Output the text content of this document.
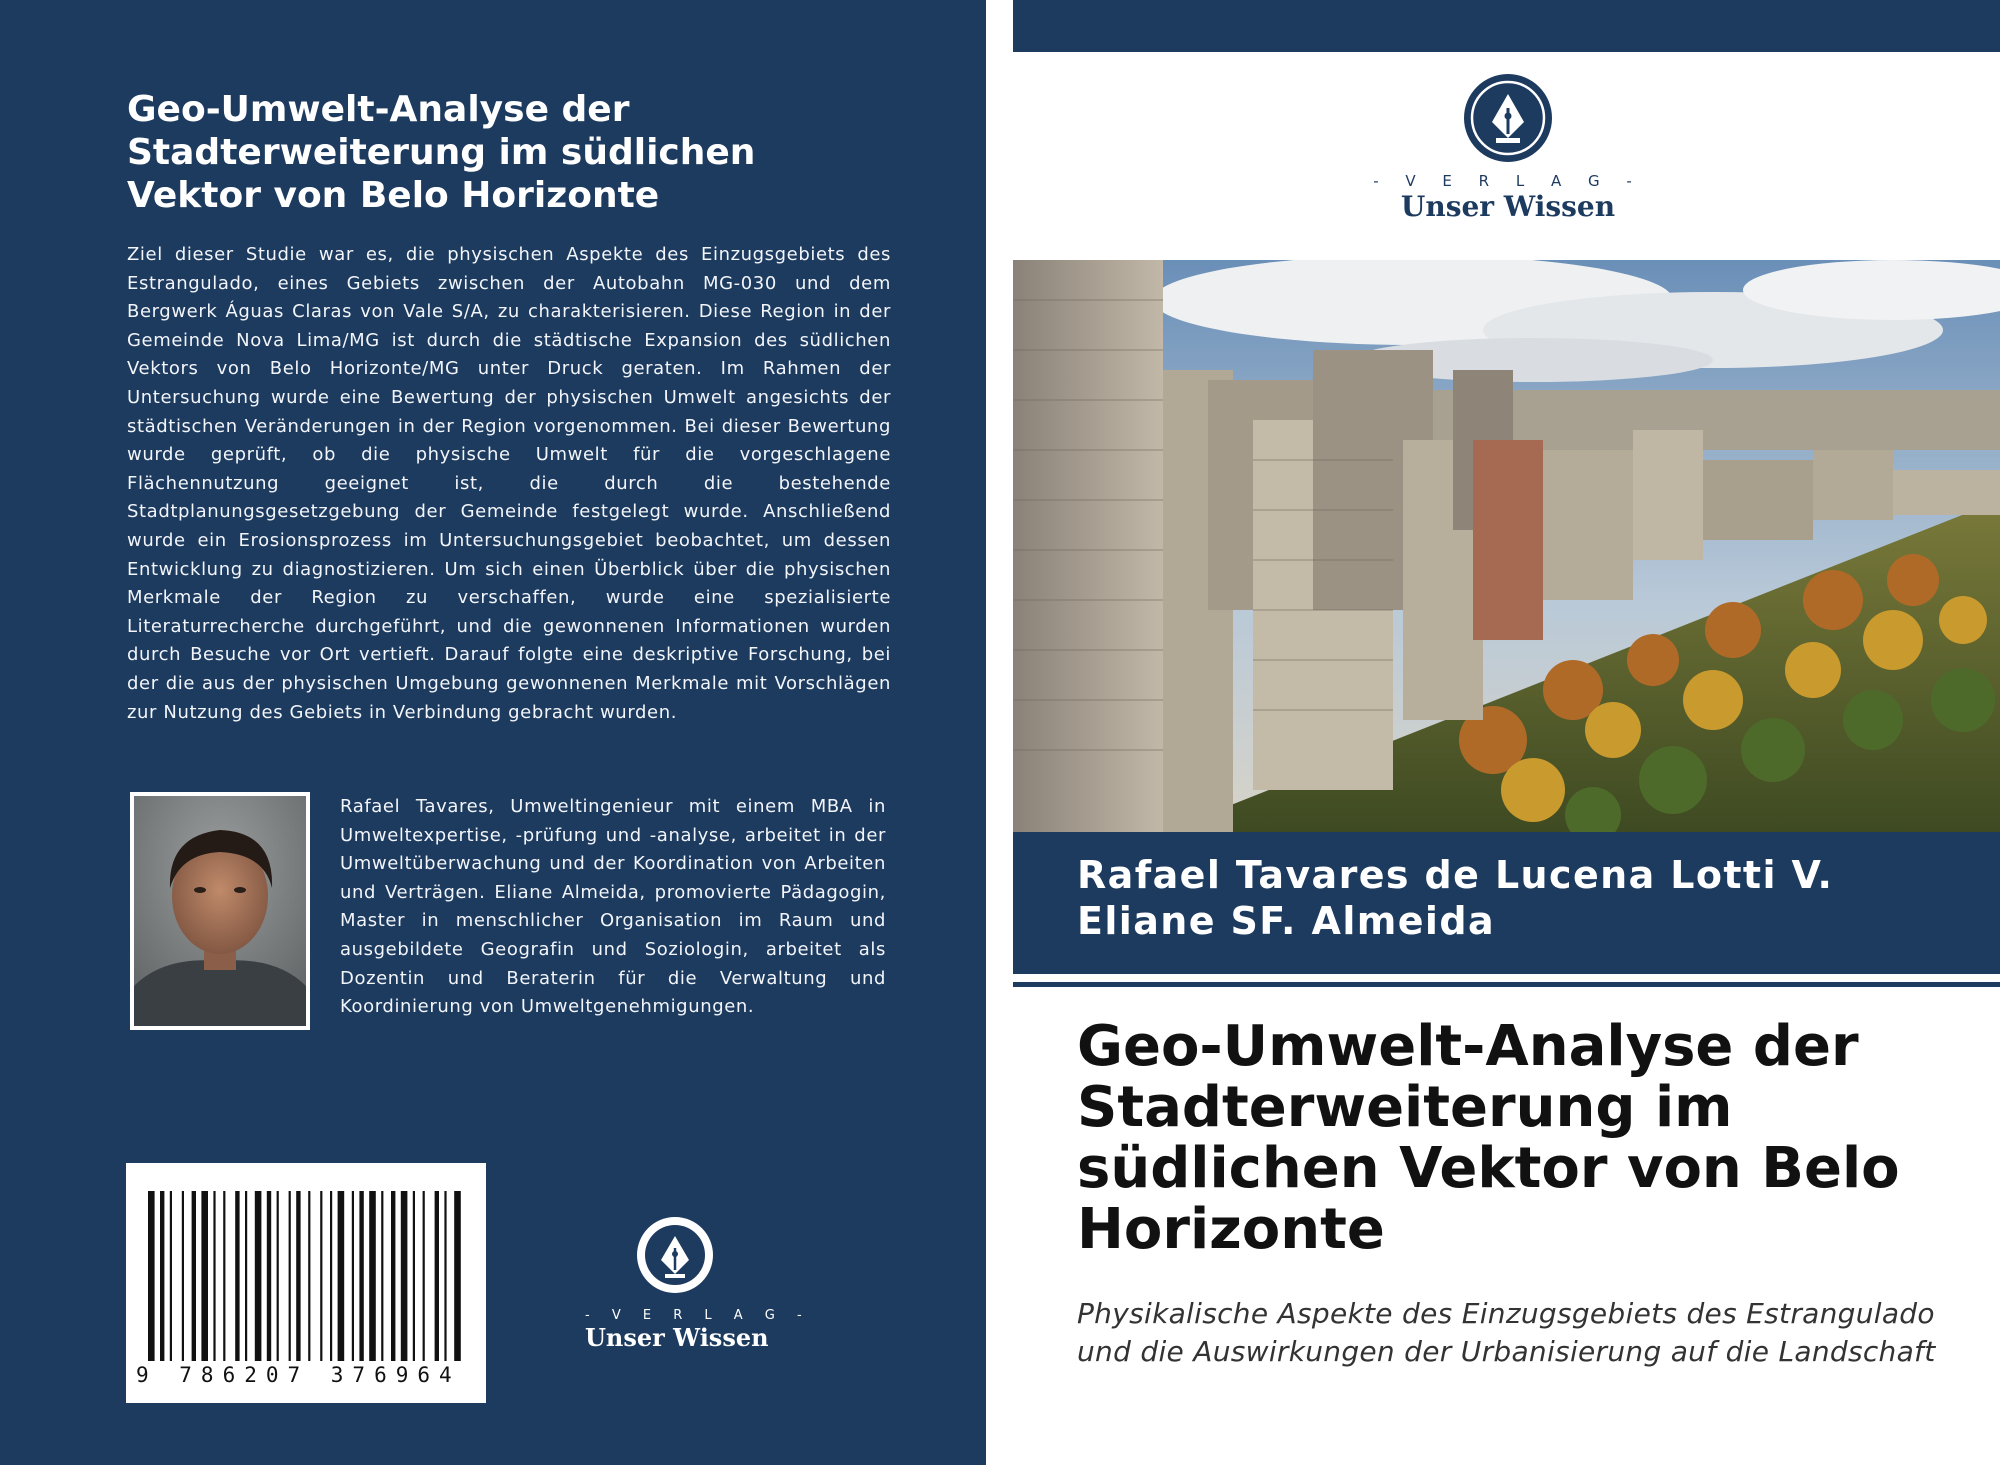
Geo-Umwelt-Analyse der
Stadterweiterung im südlichen
Vektor von Belo Horizonte
Ziel dieser Studie war es, die physischen Aspekte des Einzugsgebiets des Estrangulado, eines Gebiets zwischen der Autobahn MG-030 und dem Bergwerk Águas Claras von Vale S/A, zu charakterisieren. Diese Region in der Gemeinde Nova Lima/MG ist durch die städtische Expansion des südlichen Vektors von Belo Horizonte/MG unter Druck geraten. Im Rahmen der Untersuchung wurde eine Bewertung der physischen Umwelt angesichts der städtischen Veränderungen in der Region vorgenommen. Bei dieser Bewertung wurde geprüft, ob die physische Umwelt für die vorgeschlagene Flächennutzung geeignet ist, die durch die bestehende Stadtplanungsgesetzgebung der Gemeinde festgelegt wurde. Anschließend wurde ein Erosionsprozess im Untersuchungsgebiet beobachtet, um dessen Entwicklung zu diagnostizieren. Um sich einen Überblick über die physischen Merkmale der Region zu verschaffen, wurde eine spezialisierte Literaturrecherche durchgeführt, und die gewonnenen Informationen wurden durch Besuche vor Ort vertieft. Darauf folgte eine deskriptive Forschung, bei der die aus der physischen Umgebung gewonnenen Merkmale mit Vorschlägen zur Nutzung des Gebiets in Verbindung gebracht wurden.
Rafael Tavares, Umweltingenieur mit einem MBA in Umweltexpertise, -prüfung und -analyse, arbeitet in der Umweltüberwachung und der Koordination von Arbeiten und Verträgen. Eliane Almeida, promovierte Pädagogin, Master in menschlicher Organisation im Raum und ausgebildete Geografin und Soziologin, arbeitet als Dozentin und Beraterin für die Verwaltung und Koordinierung von Umweltgenehmigungen.
9 786207 376964
- V E R L A G -
Unser Wissen
- V E R L A G -
Unser Wissen
Rafael Tavares de Lucena Lotti V.
Eliane SF. Almeida
Geo-Umwelt-Analyse der Stadterweiterung im südlichen Vektor von Belo Horizonte
Physikalische Aspekte des Einzugsgebiets des Estrangulado und die Auswirkungen der Urbanisierung auf die Landschaft
